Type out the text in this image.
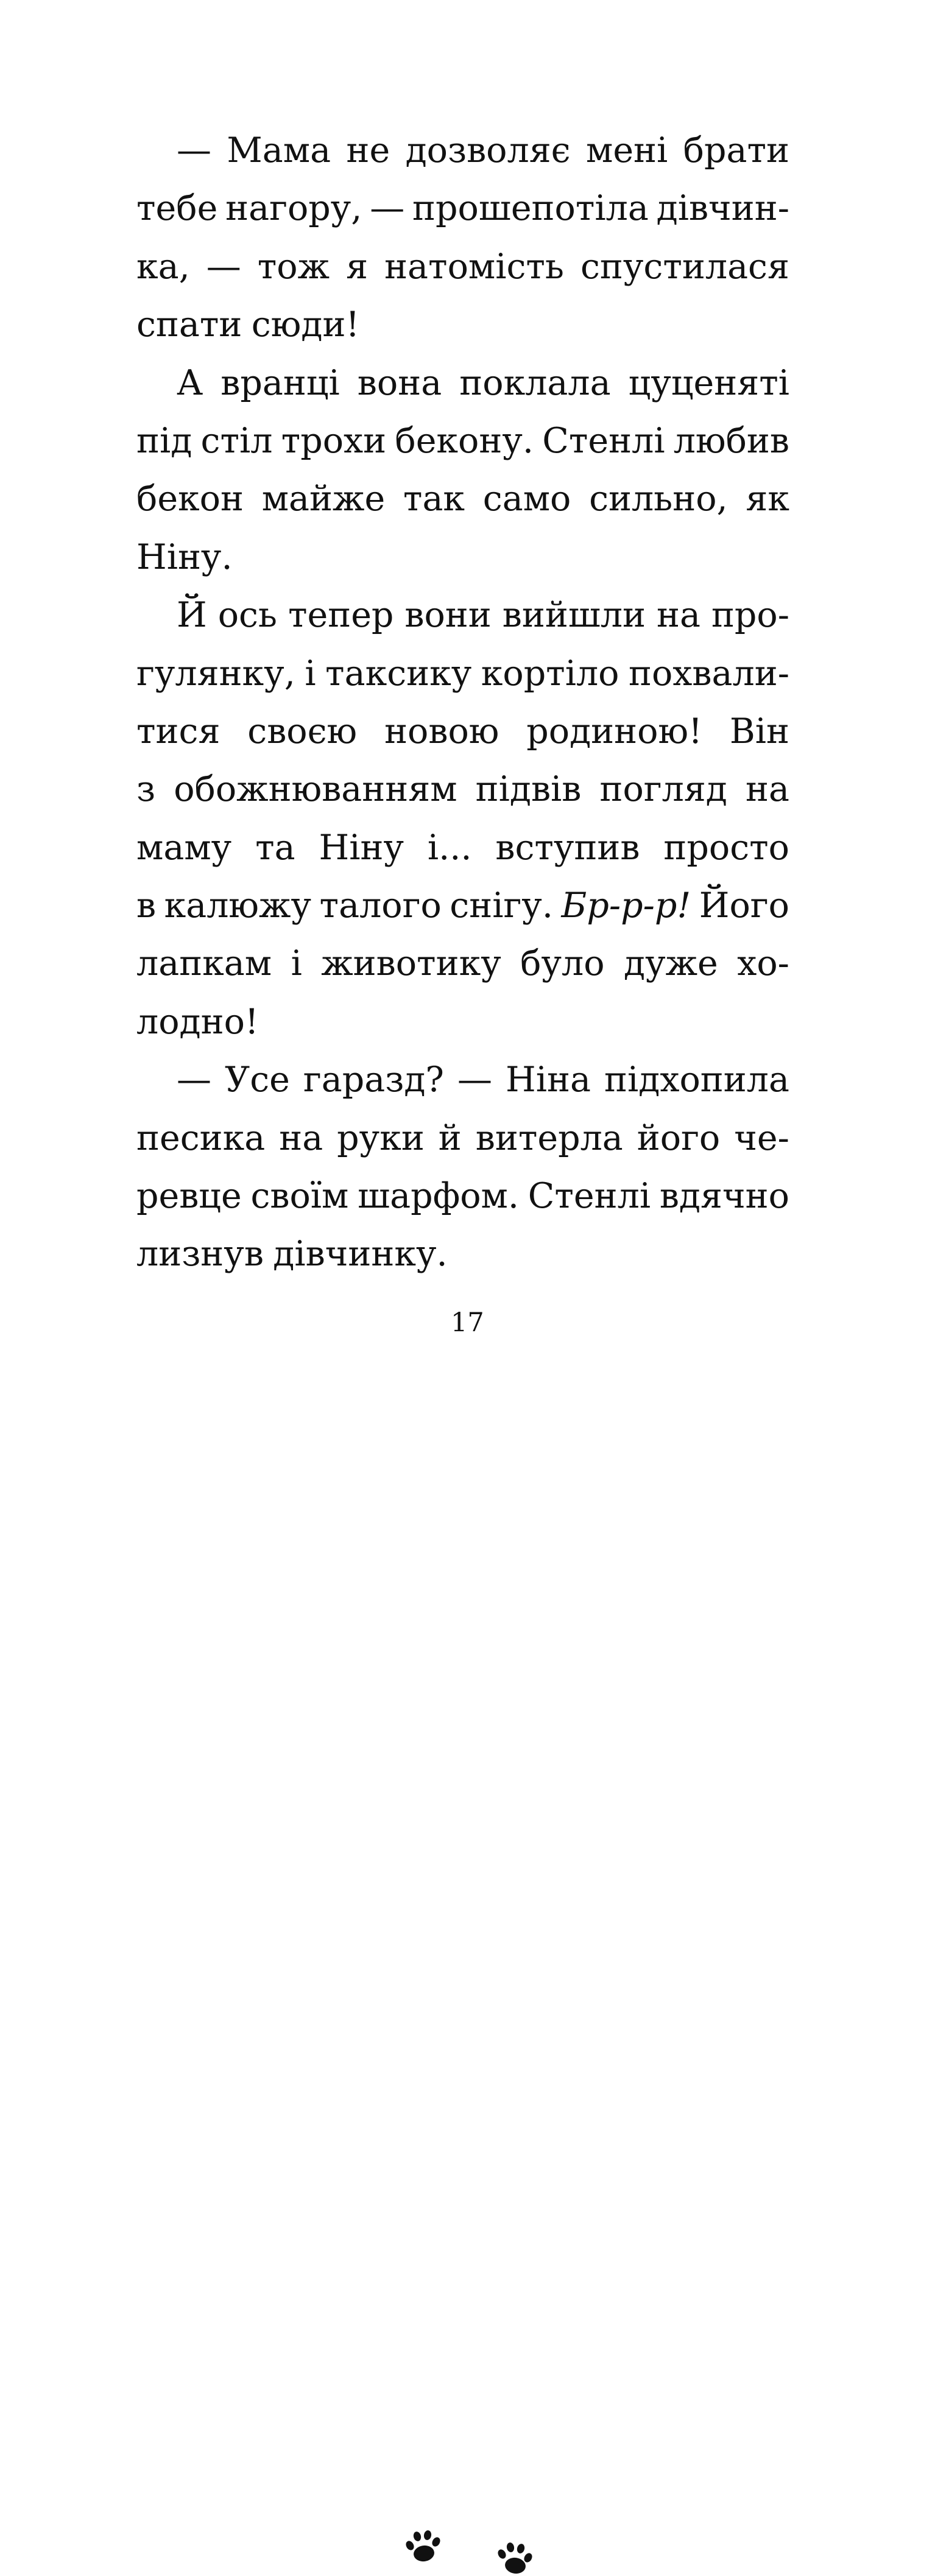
— Мама не дозволяє мені брати
тебе нагору, — прошепотіла дівчин-
ка, — тож я натомість спустилася
спати сюди!
А вранці вона поклала цуценяті
під стіл трохи бекону. Стенлі любив
бекон майже так само сильно, як
Ніну.
Й ось тепер вони вийшли на про-
гулянку, і таксику кортіло похвали-
тися своєю новою родиною! Він
з обожнюванням підвів погляд на
маму та Ніну і... вступив просто
в калюжу талого снігу. Бр-р-р! Його
лапкам і животику було дуже хо-
лодно!
— Усе гаразд? — Ніна підхопила
песика на руки й витерла його че-
ревце своїм шарфом. Стенлі вдячно
лизнув дівчинку.
17
